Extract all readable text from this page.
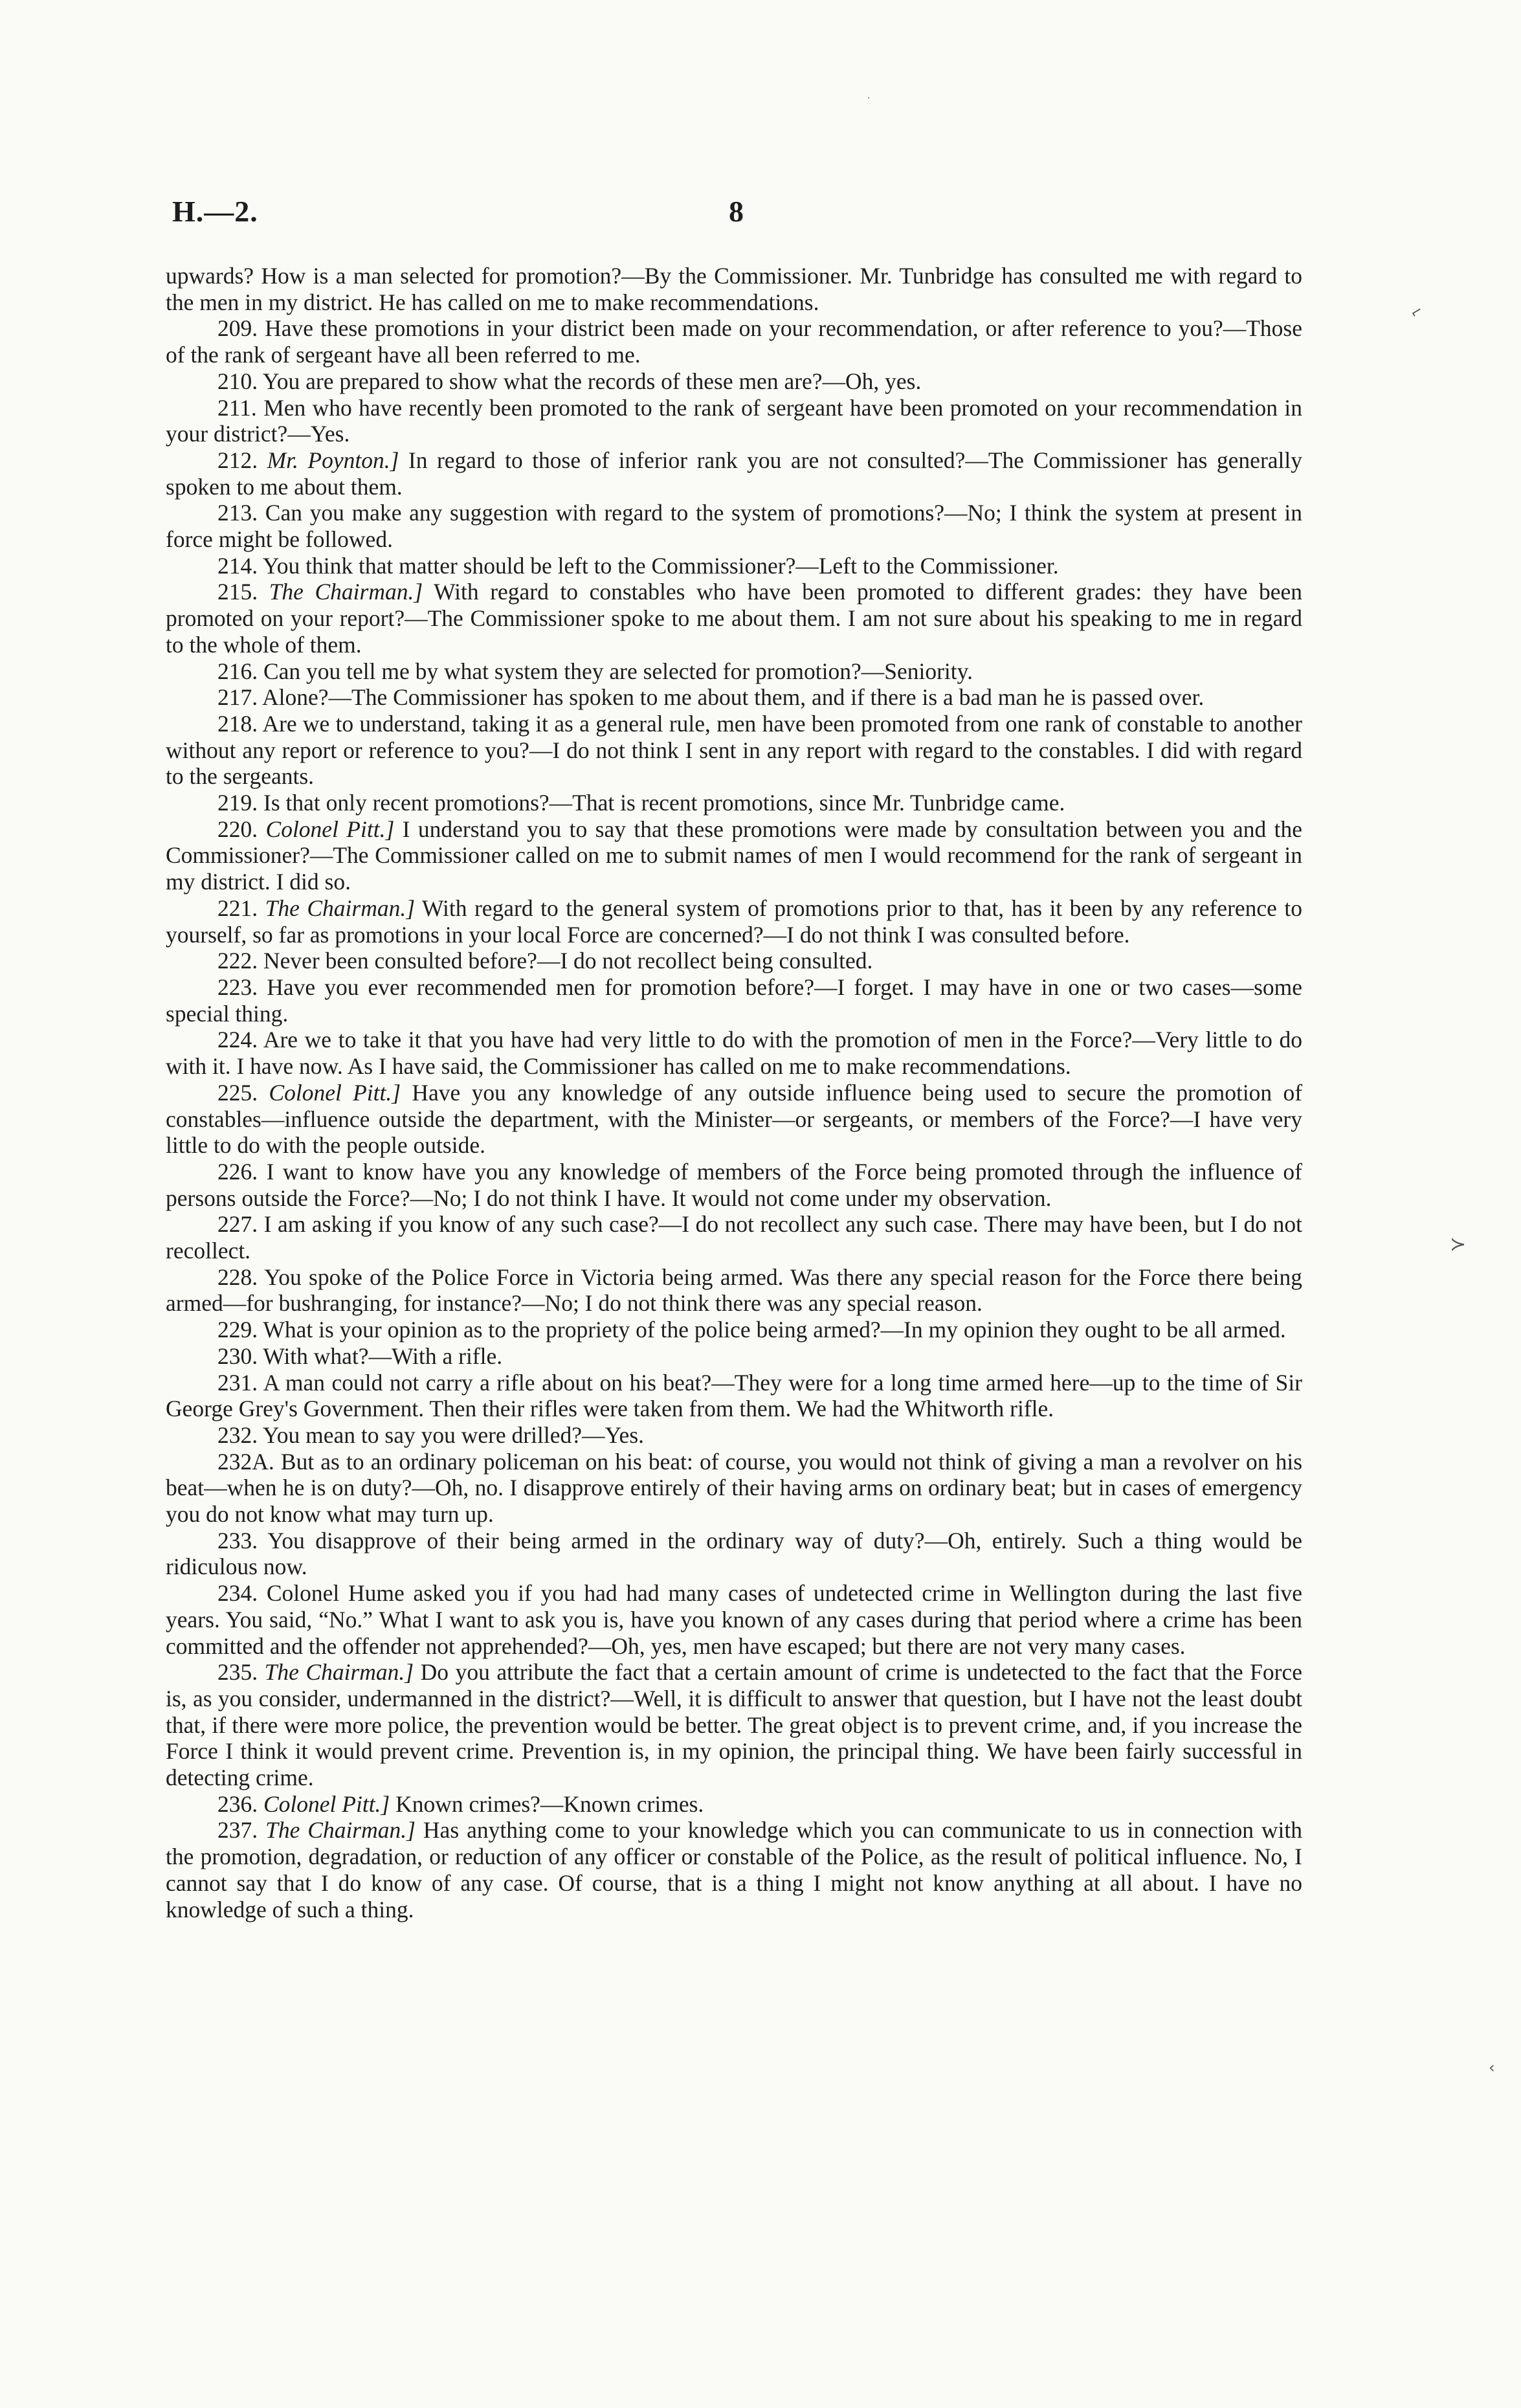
H.—2.	8

upwards? How is a man selected for promotion?—By the Commissioner. Mr. Tunbridge has consulted me with regard to the men in my district. He has called on me to make recommendations.

209. Have these promotions in your district been made on your recommendation, or after reference to you?—Those of the rank of sergeant have all been referred to me.

210. You are prepared to show what the records of these men are?—Oh, yes.

211. Men who have recently been promoted to the rank of sergeant have been promoted on your recommendation in your district?—Yes.

212. Mr. Poynton.] In regard to those of inferior rank you are not consulted?—The Commissioner has generally spoken to me about them.

213. Can you make any suggestion with regard to the system of promotions?—No; I think the system at present in force might be followed.

214. You think that matter should be left to the Commissioner?—Left to the Commissioner.

215. The Chairman.] With regard to constables who have been promoted to different grades: they have been promoted on your report?—The Commissioner spoke to me about them. I am not sure about his speaking to me in regard to the whole of them.

216. Can you tell me by what system they are selected for promotion?—Seniority.

217. Alone?—The Commissioner has spoken to me about them, and if there is a bad man he is passed over.

218. Are we to understand, taking it as a general rule, men have been promoted from one rank of constable to another without any report or reference to you?—I do not think I sent in any report with regard to the constables. I did with regard to the sergeants.

219. Is that only recent promotions?—That is recent promotions, since Mr. Tunbridge came.

220. Colonel Pitt.] I understand you to say that these promotions were made by consultation between you and the Commissioner?—The Commissioner called on me to submit names of men I would recommend for the rank of sergeant in my district. I did so.

221. The Chairman.] With regard to the general system of promotions prior to that, has it been by any reference to yourself, so far as promotions in your local Force are concerned?—I do not think I was consulted before.

222. Never been consulted before?—I do not recollect being consulted.

223. Have you ever recommended men for promotion before?—I forget. I may have in one or two cases—some special thing.

224. Are we to take it that you have had very little to do with the promotion of men in the Force?—Very little to do with it. I have now. As I have said, the Commissioner has called on me to make recommendations.

225. Colonel Pitt.] Have you any knowledge of any outside influence being used to secure the promotion of constables—influence outside the department, with the Minister—or sergeants, or members of the Force?—I have very little to do with the people outside.

226. I want to know have you any knowledge of members of the Force being promoted through the influence of persons outside the Force?—No; I do not think I have. It would not come under my observation.

227. I am asking if you know of any such case?—I do not recollect any such case. There may have been, but I do not recollect.

228. You spoke of the Police Force in Victoria being armed. Was there any special reason for the Force there being armed—for bushranging, for instance?—No; I do not think there was any special reason.

229. What is your opinion as to the propriety of the police being armed?—In my opinion they ought to be all armed.

230. With what?—With a rifle.

231. A man could not carry a rifle about on his beat?—They were for a long time armed here—up to the time of Sir George Grey's Government. Then their rifles were taken from them. We had the Whitworth rifle.

232. You mean to say you were drilled?—Yes.

232A. But as to an ordinary policeman on his beat: of course, you would not think of giving a man a revolver on his beat—when he is on duty?—Oh, no. I disapprove entirely of their having arms on ordinary beat; but in cases of emergency you do not know what may turn up.

233. You disapprove of their being armed in the ordinary way of duty?—Oh, entirely. Such a thing would be ridiculous now.

234. Colonel Hume asked you if you had had many cases of undetected crime in Wellington during the last five years. You said, “No.” What I want to ask you is, have you known of any cases during that period where a crime has been committed and the offender not apprehended?—Oh, yes, men have escaped; but there are not very many cases.

235. The Chairman.] Do you attribute the fact that a certain amount of crime is undetected to the fact that the Force is, as you consider, undermanned in the district?—Well, it is difficult to answer that question, but I have not the least doubt that, if there were more police, the prevention would be better. The great object is to prevent crime, and, if you increase the Force I think it would prevent crime. Prevention is, in my opinion, the principal thing. We have been fairly successful in detecting crime.

236. Colonel Pitt.] Known crimes?—Known crimes.

237. The Chairman.] Has anything come to your knowledge which you can communicate to us in connection with the promotion, degradation, or reduction of any officer or constable of the Police, as the result of political influence. No, I cannot say that I do know of any case. Of course, that is a thing I might not know anything at all about. I have no knowledge of such a thing.

·
⌐
≻
‹
